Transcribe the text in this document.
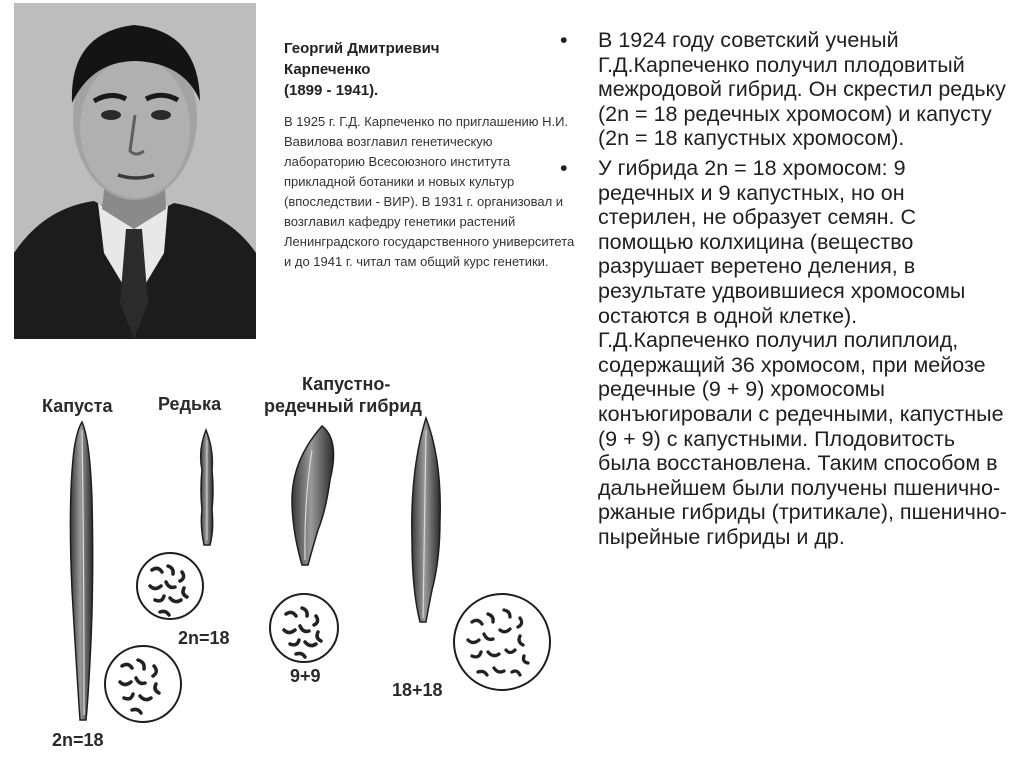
Георгий Дмитриевич
Карпеченко
(1899 - 1941).
В 1925 г. Г.Д. Карпеченко по приглашению Н.И. Вавилова возглавил генетическую лабораторию Всесоюзного института прикладной ботаники и новых культур (впоследствии - ВИР). В 1931 г. организовал и возглавил кафедру генетики растений Ленинградского государственного университета и до 1941 г. читал там общий курс генетики.
•	В 1924 году советский ученый Г.Д.Карпеченко получил плодовитый межродовой гибрид. Он скрестил редьку (2n = 18 редечных хромосом) и капусту (2n = 18 капустных хромосом).
•	У гибрида 2n = 18 хромосом: 9 редечных и 9 капустных, но он стерилен, не образует семян. С помощью колхицина (вещество разрушает веретено деления, в результате удвоившиеся хромосомы остаются в одной клетке). Г.Д.Карпеченко получил полиплоид, содержащий 36 хромосом, при мейозе редечные (9 + 9) хромосомы конъюгировали с редечными, капустные (9 + 9) с капустными. Плодовитость была восстановлена. Таким способом в дальнейшем были получены пшенично-ржаные гибриды (тритикале), пшенично-пырейные гибриды и др.
Капуста	Редька
Капустно-
редечный гибрид
2n=18
2n=18
9+9
18+18
